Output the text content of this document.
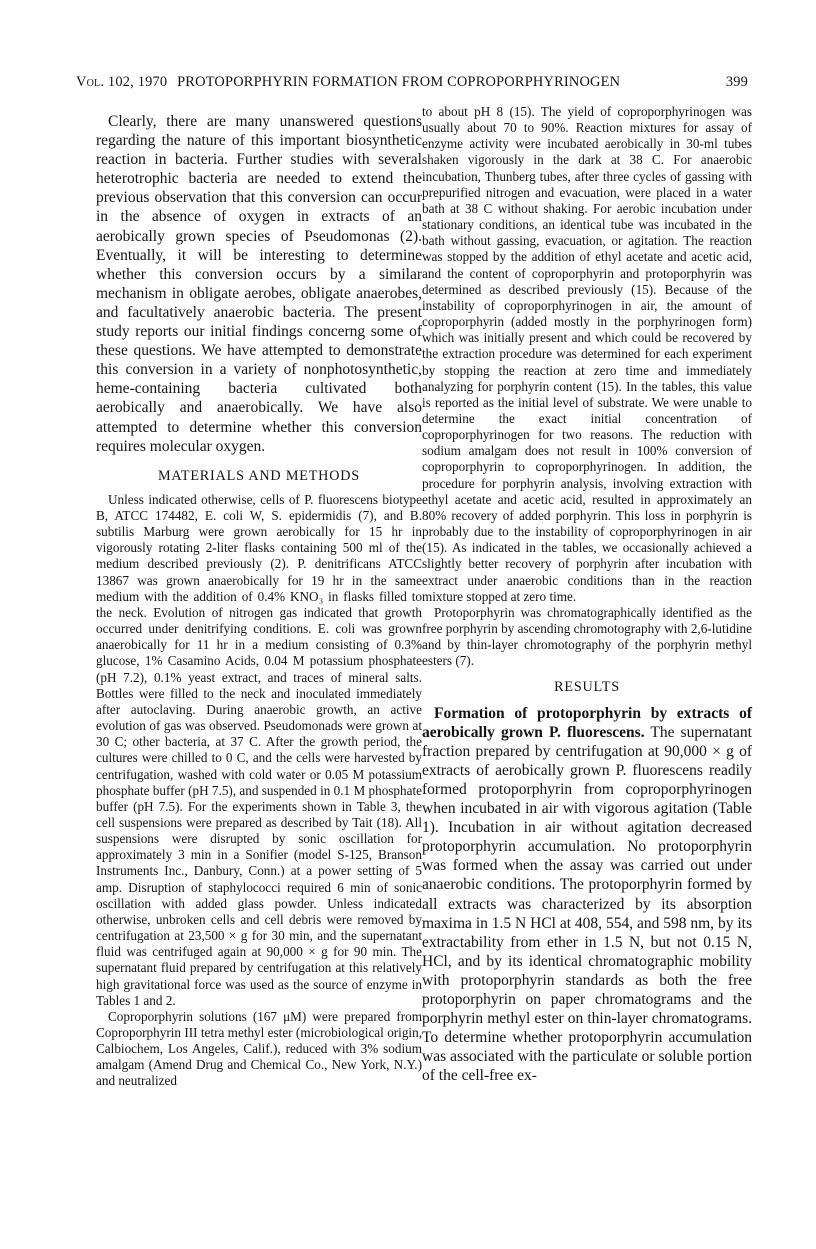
Vol. 102, 1970 PROTOPORPHYRIN FORMATION FROM COPROPORPHYRINOGEN	399

Clearly, there are many unanswered questions regarding the nature of this important biosynthetic reaction in bacteria. Further studies with several heterotrophic bacteria are needed to extend the previous observation that this conversion can occur in the absence of oxygen in extracts of an aerobically grown species of Pseudomonas (2). Eventually, it will be interesting to determine whether this conversion occurs by a similar mechanism in obligate aerobes, obligate anaerobes, and facultatively anaerobic bacteria. The present study reports our initial findings concerng some of these questions. We have attempted to demonstrate this conversion in a variety of nonphotosynthetic, heme-containing bacteria cultivated both aerobically and anaerobically. We have also attempted to determine whether this conversion requires molecular oxygen.

MATERIALS AND METHODS

Unless indicated otherwise, cells of P. fluorescens biotype B, ATCC 174482, E. coli W, S. epidermidis (7), and B. subtilis Marburg were grown aerobically for 15 hr in vigorously rotating 2-liter flasks containing 500 ml of the medium described previously (2). P. denitrificans ATCC 13867 was grown anaerobically for 19 hr in the same medium with the addition of 0.4% KNO₃ in flasks filled to the neck. Evolution of nitrogen gas indicated that growth occurred under denitrifying conditions. E. coli was grown anaerobically for 11 hr in a medium consisting of 0.3% glucose, 1% Casamino Acids, 0.04 M potassium phosphate (pH 7.2), 0.1% yeast extract, and traces of mineral salts. Bottles were filled to the neck and inoculated immediately after autoclaving. During anaerobic growth, an active evolution of gas was observed. Pseudomonads were grown at 30 C; other bacteria, at 37 C. After the growth period, the cultures were chilled to 0 C, and the cells were harvested by centrifugation, washed with cold water or 0.05 M potassium phosphate buffer (pH 7.5), and suspended in 0.1 M phosphate buffer (pH 7.5). For the experiments shown in Table 3, the cell suspensions were prepared as described by Tait (18). All suspensions were disrupted by sonic oscillation for approximately 3 min in a Sonifier (model S-125, Branson Instruments Inc., Danbury, Conn.) at a power setting of 5 amp. Disruption of staphylococci required 6 min of sonic oscillation with added glass powder. Unless indicated otherwise, unbroken cells and cell debris were removed by centrifugation at 23,500 × g for 30 min, and the supernatant fluid was centrifuged again at 90,000 × g for 90 min. The supernatant fluid prepared by centrifugation at this relatively high gravitational force was used as the source of enzyme in Tables 1 and 2.

Coproporphyrin solutions (167 μM) were prepared from Coproporphyrin III tetra methyl ester (microbiological origin, Calbiochem, Los Angeles, Calif.), reduced with 3% sodium amalgam (Amend Drug and Chemical Co., New York, N.Y.) and neutralized

to about pH 8 (15). The yield of coproporphyrinogen was usually about 70 to 90%. Reaction mixtures for assay of enzyme activity were incubated aerobically in 30-ml tubes shaken vigorously in the dark at 38 C. For anaerobic incubation, Thunberg tubes, after three cycles of gassing with prepurified nitrogen and evacuation, were placed in a water bath at 38 C without shaking. For aerobic incubation under stationary conditions, an identical tube was incubated in the bath without gassing, evacuation, or agitation. The reaction was stopped by the addition of ethyl acetate and acetic acid, and the content of coproporphyrin and protoporphyrin was determined as described previously (15). Because of the instability of coproporphyrinogen in air, the amount of coproporphyrin (added mostly in the porphyrinogen form) which was initially present and which could be recovered by the extraction procedure was determined for each experiment by stopping the reaction at zero time and immediately analyzing for porphyrin content (15). In the tables, this value is reported as the initial level of substrate. We were unable to determine the exact initial concentration of coproporphyrinogen for two reasons. The reduction with sodium amalgam does not result in 100% conversion of coproporphyrin to coproporphyrinogen. In addition, the procedure for porphyrin analysis, involving extraction with ethyl acetate and acetic acid, resulted in approximately an 80% recovery of added porphyrin. This loss in porphyrin is probably due to the instability of coproporphyrinogen in air (15). As indicated in the tables, we occasionally achieved a slightly better recovery of porphyrin after incubation with extract under anaerobic conditions than in the reaction mixture stopped at zero time.

Protoporphyrin was chromatographically identified as the free porphyrin by ascending chromotography with 2,6-lutidine and by thin-layer chromotography of the porphyrin methyl esters (7).

RESULTS

Formation of protoporphyrin by extracts of aerobically grown P. fluorescens. The supernatant fraction prepared by centrifugation at 90,000 × g of extracts of aerobically grown P. fluorescens readily formed protoporphyrin from coproporphyrinogen when incubated in air with vigorous agitation (Table 1). Incubation in air without agitation decreased protoporphyrin accumulation. No protoporphyrin was formed when the assay was carried out under anaerobic conditions. The protoporphyrin formed by all extracts was characterized by its absorption maxima in 1.5 N HCl at 408, 554, and 598 nm, by its extractability from ether in 1.5 N, but not 0.15 N, HCl, and by its identical chromatographic mobility with protoporphyrin standards as both the free protoporphyrin on paper chromatograms and the porphyrin methyl ester on thin-layer chromatograms. To determine whether protoporphyrin accumulation was associated with the particulate or soluble portion of the cell-free ex-
